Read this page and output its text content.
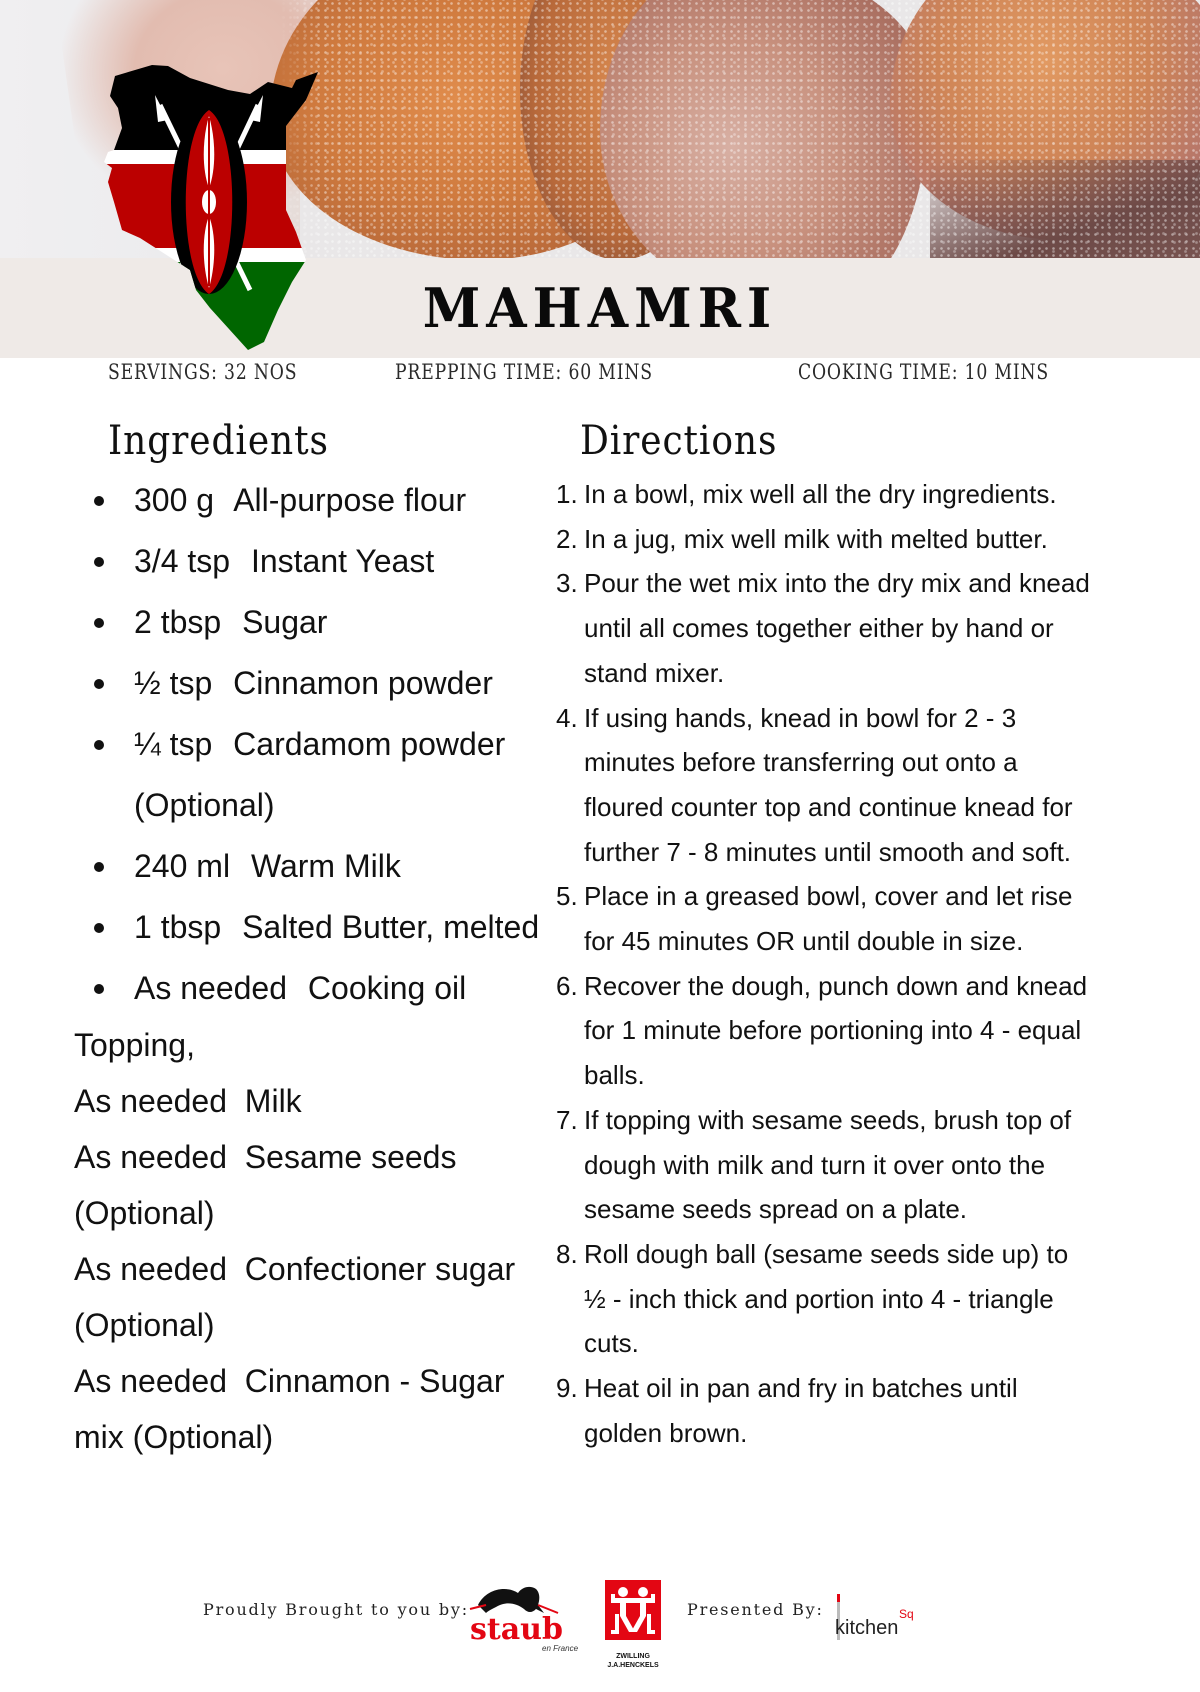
MAHAMRI
SERVINGS: 32 NOS	PREPPING TIME: 60 MINS	COOKING TIME: 10 MINS
Ingredients	Directions
300 g All-purpose flour
3/4 tsp Instant Yeast
2 tbsp Sugar
½ tsp Cinnamon powder
¼ tsp Cardamom powder (Optional)
240 ml Warm Milk
1 tbsp Salted Butter, melted
As needed Cooking oil
Topping,
As needed Milk
As needed Sesame seeds (Optional)
As needed Confectioner sugar (Optional)
As needed Cinnamon - Sugar mix (Optional)
1. In a bowl, mix well all the dry ingredients.
2. In a jug, mix well milk with melted butter.
3. Pour the wet mix into the dry mix and knead until all comes together either by hand or stand mixer.
4. If using hands, knead in bowl for 2 - 3 minutes before transferring out onto a floured counter top and continue knead for further 7 - 8 minutes until smooth and soft.
5. Place in a greased bowl, cover and let rise for 45 minutes OR until double in size.
6. Recover the dough, punch down and knead for 1 minute before portioning into 4 - equal balls.
7. If topping with sesame seeds, brush top of dough with milk and turn it over onto the sesame seeds spread on a plate.
8. Roll dough ball (sesame seeds side up) to ½ - inch thick and portion into 4 - triangle cuts.
9. Heat oil in pan and fry in batches until golden brown.
Proudly Brought to you by:	Presented By:
staub
en France
ZWILLING
J.A.HENCKELS
kitchen
Sq
